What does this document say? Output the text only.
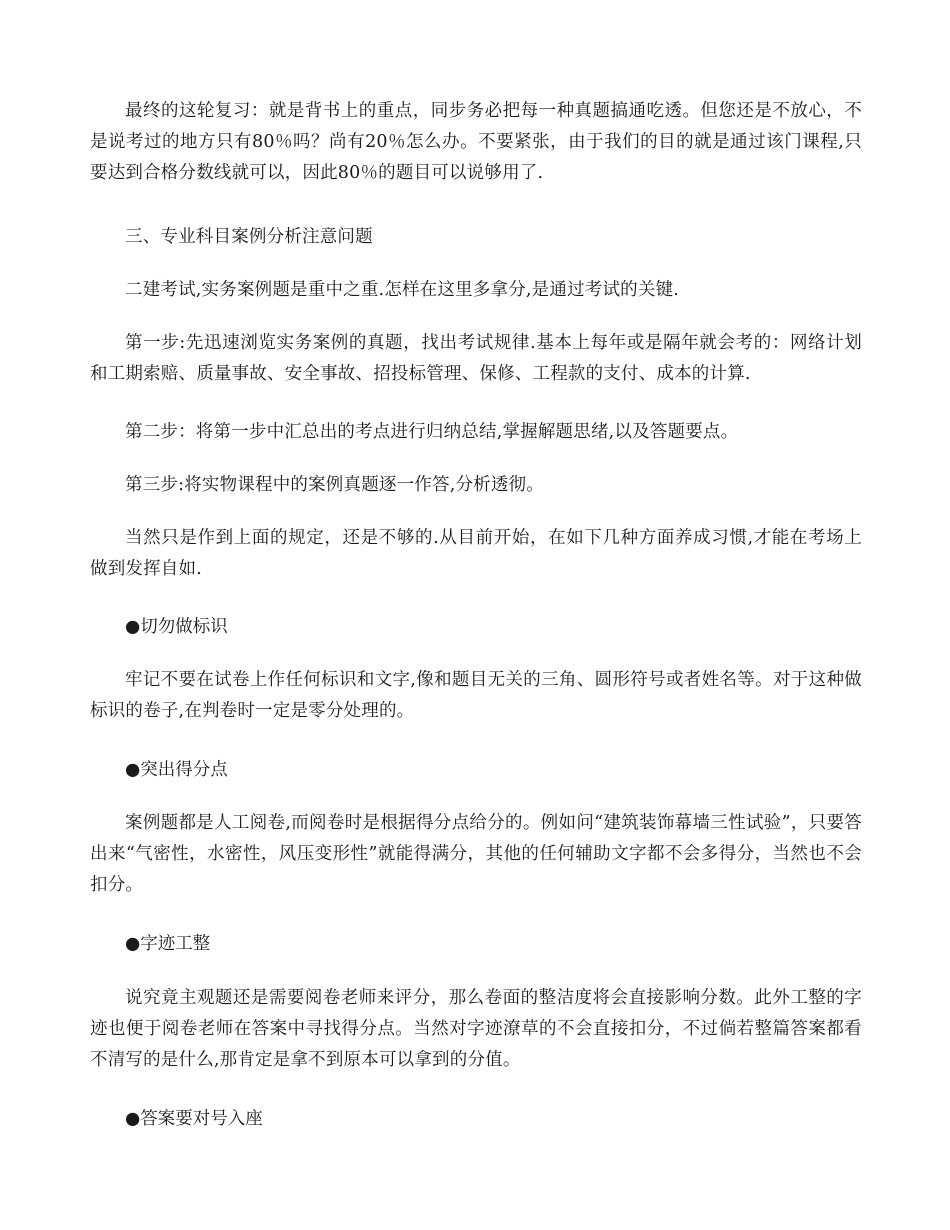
最终的这轮复习：就是背书上的重点，同步务必把每一种真题搞通吃透。但您还是不放心，不是说考过的地方只有80％吗？尚有20％怎么办。不要紧张，由于我们的目的就是通过该门课程,只要达到合格分数线就可以，因此80％的题目可以说够用了.

三、专业科目案例分析注意问题

二建考试,实务案例题是重中之重.怎样在这里多拿分,是通过考试的关键.

第一步:先迅速浏览实务案例的真题，找出考试规律.基本上每年或是隔年就会考的：网络计划和工期索赔、质量事故、安全事故、招投标管理、保修、工程款的支付、成本的计算.

第二步：将第一步中汇总出的考点进行归纳总结,掌握解题思绪,以及答题要点。

第三步:将实物课程中的案例真题逐一作答,分析透彻。

当然只是作到上面的规定，还是不够的.从目前开始，在如下几种方面养成习惯,才能在考场上做到发挥自如.

●切勿做标识

牢记不要在试卷上作任何标识和文字,像和题目无关的三角、圆形符号或者姓名等。对于这种做标识的卷子,在判卷时一定是零分处理的。

●突出得分点

案例题都是人工阅卷,而阅卷时是根据得分点给分的。例如问“建筑装饰幕墙三性试验”，只要答出来“气密性，水密性，风压变形性”就能得满分，其他的任何辅助文字都不会多得分，当然也不会扣分。

●字迹工整

说究竟主观题还是需要阅卷老师来评分，那么卷面的整洁度将会直接影响分数。此外工整的字迹也便于阅卷老师在答案中寻找得分点。当然对字迹潦草的不会直接扣分，不过倘若整篇答案都看不清写的是什么,那肯定是拿不到原本可以拿到的分值。

●答案要对号入座
